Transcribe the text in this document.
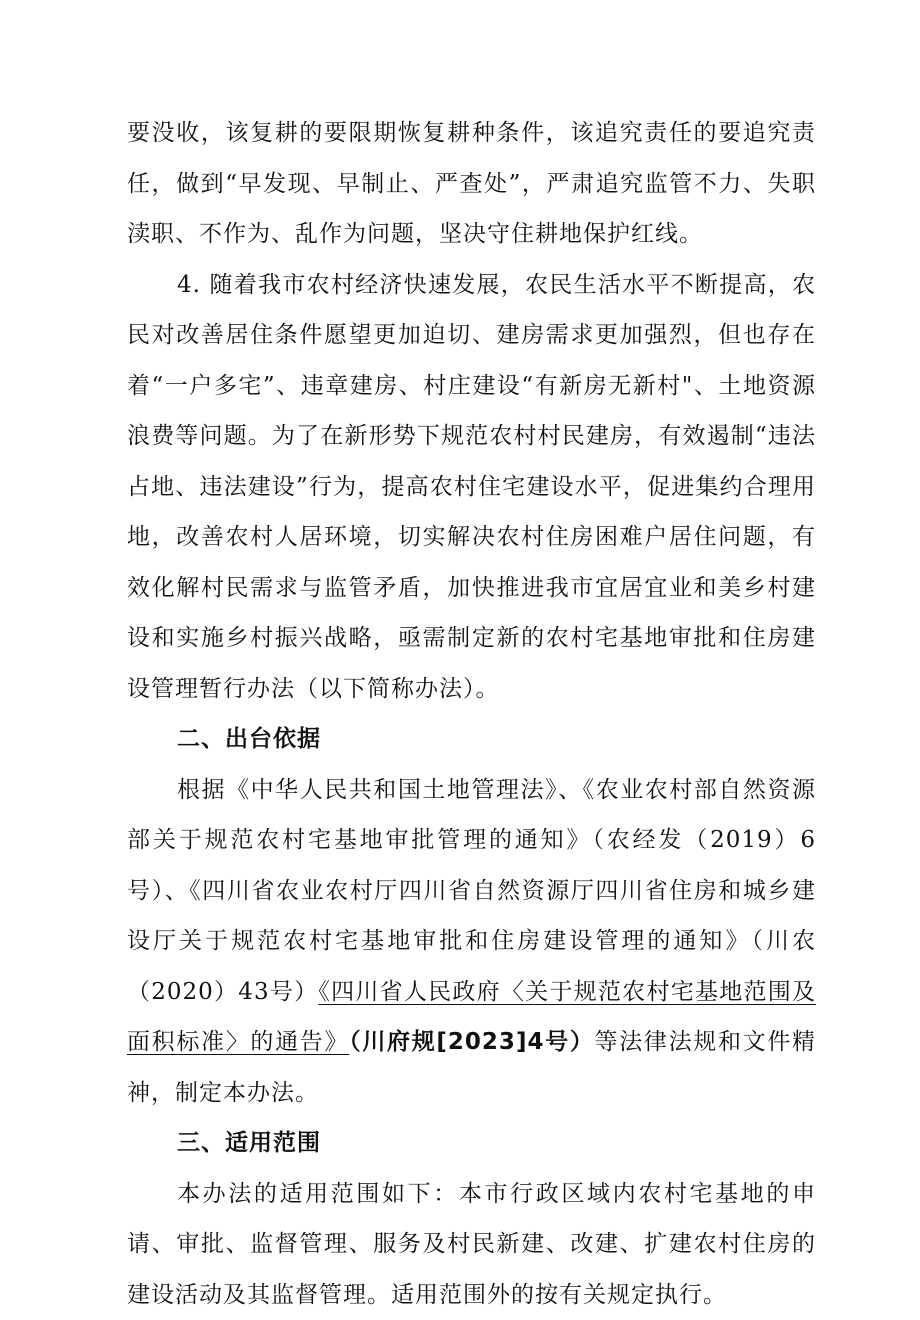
要没收，该复耕的要限期恢复耕种条件，该追究责任的要追究责任，做到“早发现、早制止、严查处”，严肃追究监管不力、失职渎职、不作为、乱作为问题，坚决守住耕地保护红线。

4. 随着我市农村经济快速发展，农民生活水平不断提高，农民对改善居住条件愿望更加迫切、建房需求更加强烈，但也存在着“一户多宅”、违章建房、村庄建设“有新房无新村"、土地资源浪费等问题。为了在新形势下规范农村村民建房，有效遏制“违法占地、违法建设”行为，提高农村住宅建设水平，促进集约合理用地，改善农村人居环境，切实解决农村住房困难户居住问题，有效化解村民需求与监管矛盾，加快推进我市宜居宜业和美乡村建设和实施乡村振兴战略，亟需制定新的农村宅基地审批和住房建设管理暂行办法（以下简称办法）。

二、出台依据

根据《中华人民共和国土地管理法》、《农业农村部自然资源部关于规范农村宅基地审批管理的通知》（农经发（2019）6号）、《四川省农业农村厅四川省自然资源厅四川省住房和城乡建设厅关于规范农村宅基地审批和住房建设管理的通知》（川农（2020）43号）《四川省人民政府〈关于规范农村宅基地范围及面积标准〉的通告》（川府规[2023]4号）等法律法规和文件精神，制定本办法。

三、适用范围

本办法的适用范围如下：本市行政区域内农村宅基地的申请、审批、监督管理、服务及村民新建、改建、扩建农村住房的建设活动及其监督管理。适用范围外的按有关规定执行。
